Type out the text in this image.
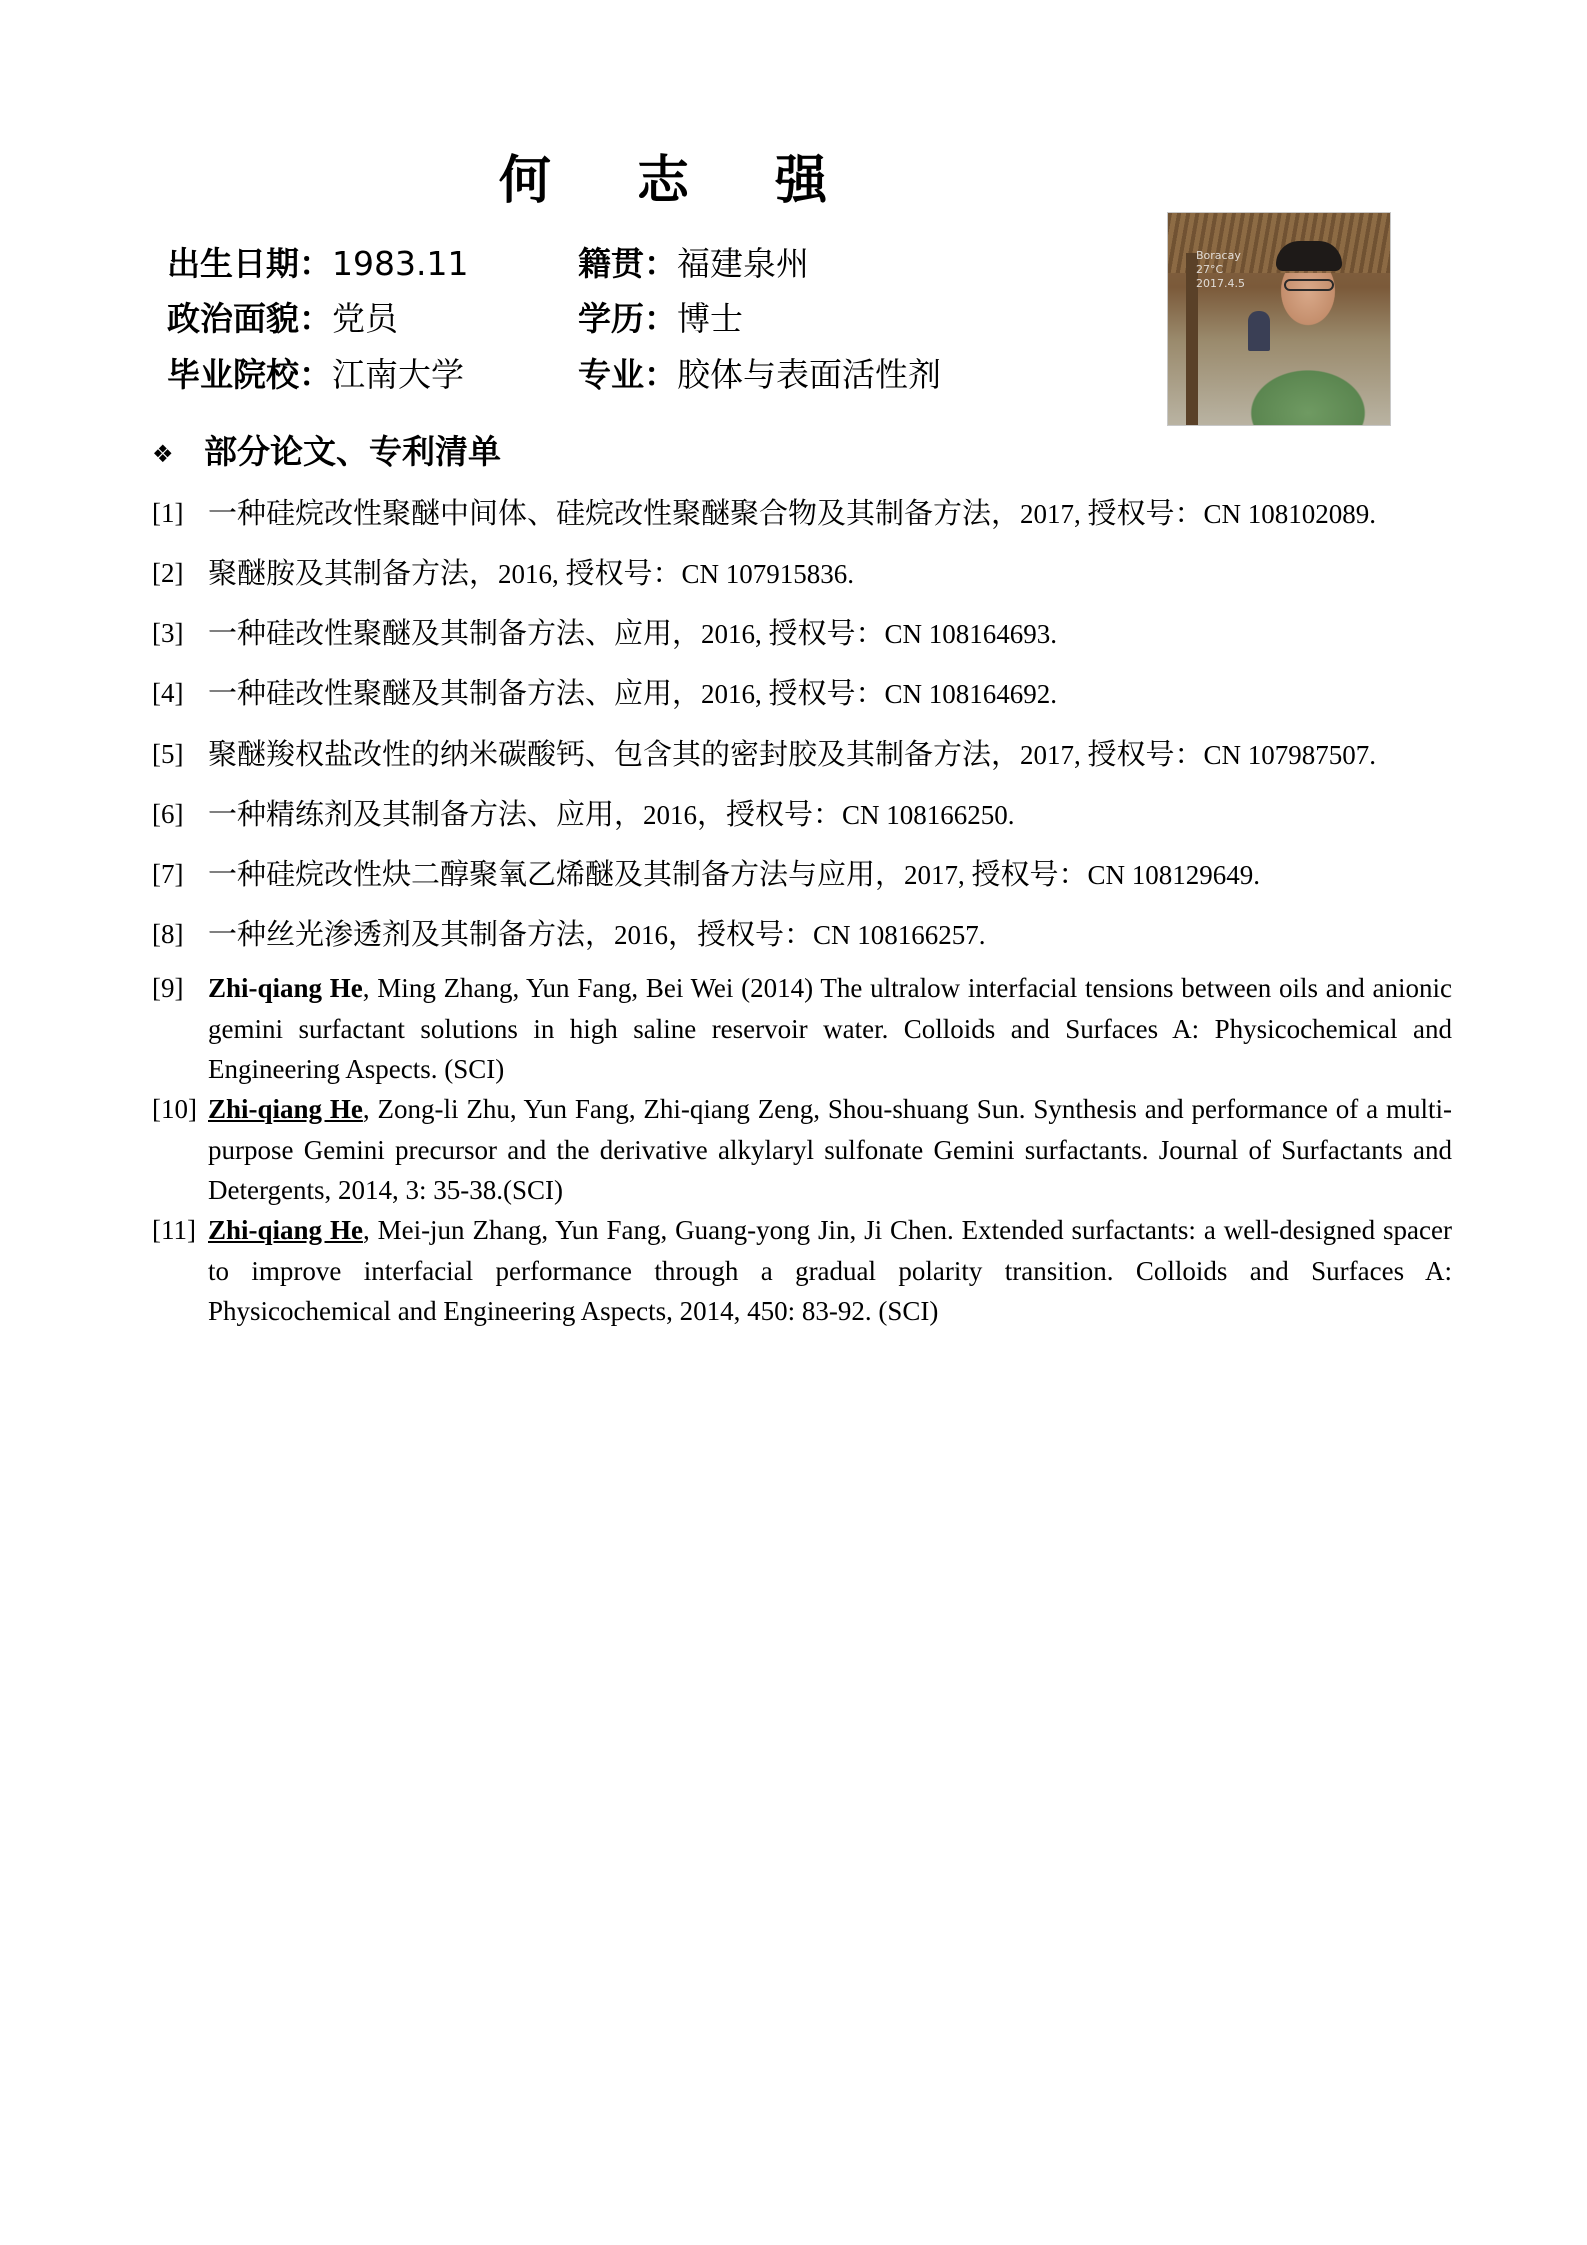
何 志 强
出生日期：1983.11
政治面貌：党员
毕业院校：江南大学
籍贯：福建泉州
学历：博士
专业：胶体与表面活性剂
Boracay
27°C
2017.4.5
❖ 部分论文、专利清单
[1] 一种硅烷改性聚醚中间体、硅烷改性聚醚聚合物及其制备方法，2017, 授权号：CN 108102089.
[2] 聚醚胺及其制备方法，2016, 授权号：CN 107915836.
[3] 一种硅改性聚醚及其制备方法、应用，2016, 授权号：CN 108164693.
[4] 一种硅改性聚醚及其制备方法、应用，2016, 授权号：CN 108164692.
[5] 聚醚羧权盐改性的纳米碳酸钙、包含其的密封胶及其制备方法，2017, 授权号：CN 107987507.
[6] 一种精练剂及其制备方法、应用，2016，授权号：CN 108166250.
[7] 一种硅烷改性炔二醇聚氧乙烯醚及其制备方法与应用，2017, 授权号：CN 108129649.
[8] 一种丝光渗透剂及其制备方法，2016，授权号：CN 108166257.
[9] Zhi-qiang He, Ming Zhang, Yun Fang, Bei Wei (2014) The ultralow interfacial tensions between oils and anionic gemini surfactant solutions in high saline reservoir water. Colloids and Surfaces A: Physicochemical and Engineering Aspects. (SCI)
[10] Zhi-qiang He, Zong-li Zhu, Yun Fang, Zhi-qiang Zeng, Shou-shuang Sun. Synthesis and performance of a multi-purpose Gemini precursor and the derivative alkylaryl sulfonate Gemini surfactants. Journal of Surfactants and Detergents, 2014, 3: 35-38.(SCI)
[11] Zhi-qiang He, Mei-jun Zhang, Yun Fang, Guang-yong Jin, Ji Chen. Extended surfactants: a well-designed spacer to improve interfacial performance through a gradual polarity transition. Colloids and Surfaces A: Physicochemical and Engineering Aspects, 2014, 450: 83-92. (SCI)
